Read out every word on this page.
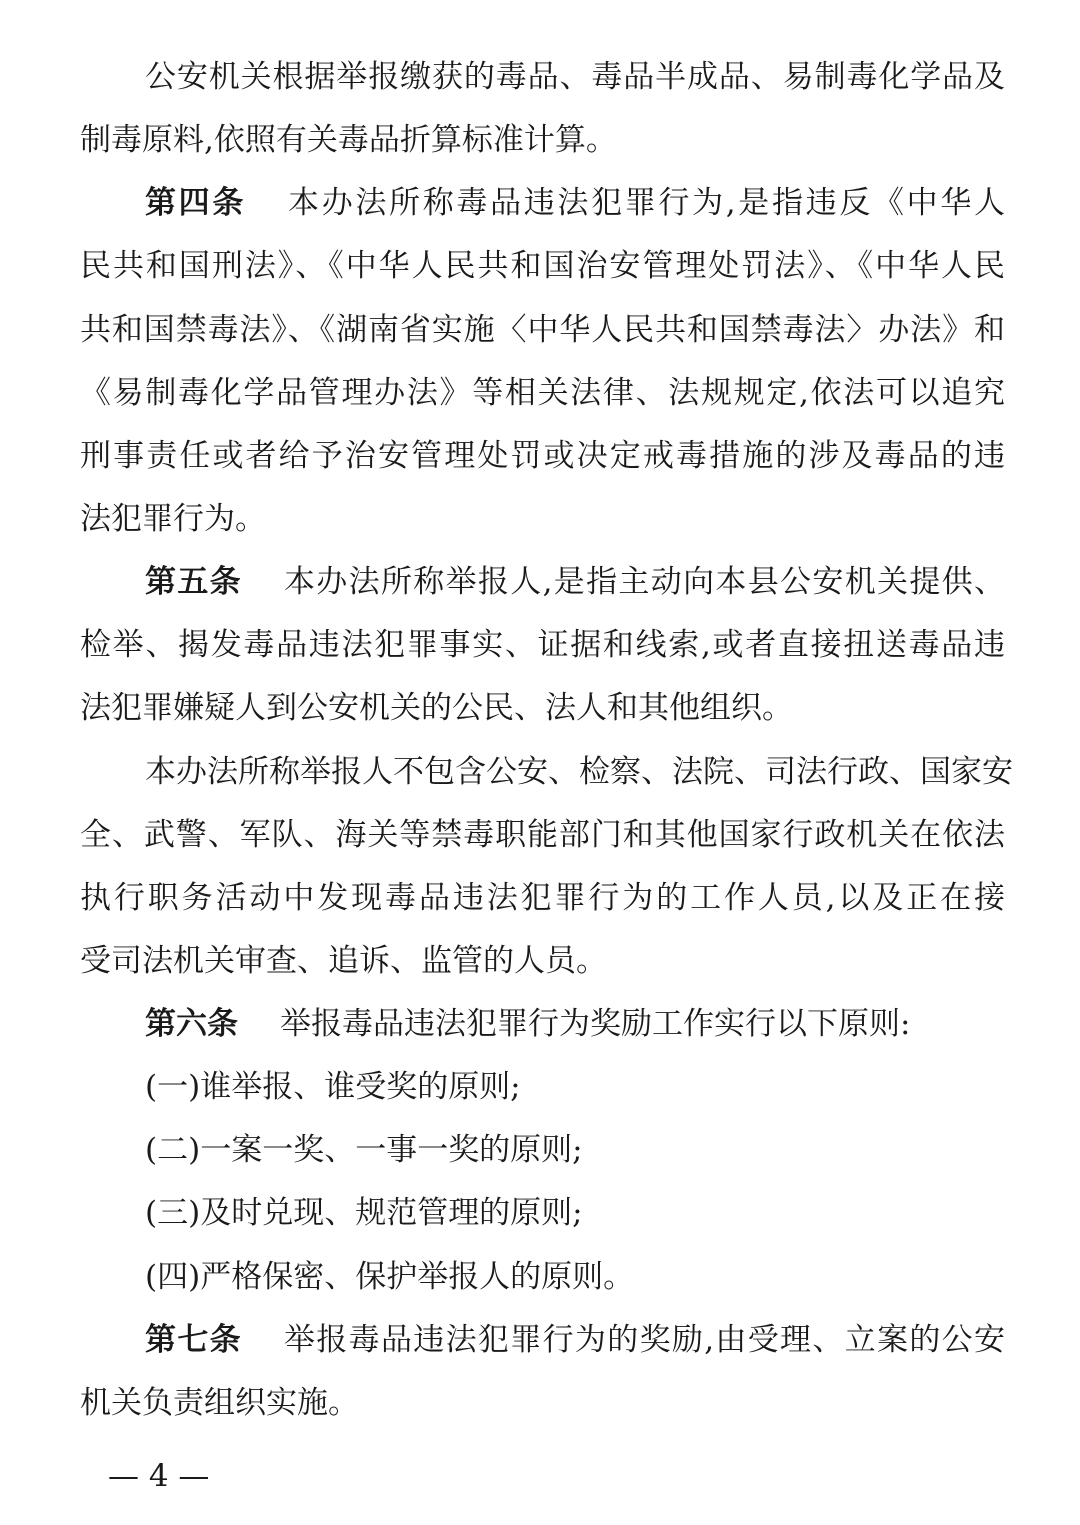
公安机关根据举报缴获的毒品、毒品半成品、易制毒化学品及
制毒原料,依照有关毒品折算标准计算。
第四条 本办法所称毒品违法犯罪行为,是指违反《中华人
民共和国刑法》、《中华人民共和国治安管理处罚法》、《中华人民
共和国禁毒法》、《湖南省实施〈中华人民共和国禁毒法〉办法》和
《易制毒化学品管理办法》等相关法律、法规规定,依法可以追究
刑事责任或者给予治安管理处罚或决定戒毒措施的涉及毒品的违
法犯罪行为。
第五条 本办法所称举报人,是指主动向本县公安机关提供、
检举、揭发毒品违法犯罪事实、证据和线索,或者直接扭送毒品违
法犯罪嫌疑人到公安机关的公民、法人和其他组织。
本办法所称举报人不包含公安、检察、法院、司法行政、国家安
全、武警、军队、海关等禁毒职能部门和其他国家行政机关在依法
执行职务活动中发现毒品违法犯罪行为的工作人员,以及正在接
受司法机关审查、追诉、监管的人员。
第六条 举报毒品违法犯罪行为奖励工作实行以下原则:
(一)谁举报、谁受奖的原则;
(二)一案一奖、一事一奖的原则;
(三)及时兑现、规范管理的原则;
(四)严格保密、保护举报人的原则。
第七条 举报毒品违法犯罪行为的奖励,由受理、立案的公安
机关负责组织实施。
— 4 —
